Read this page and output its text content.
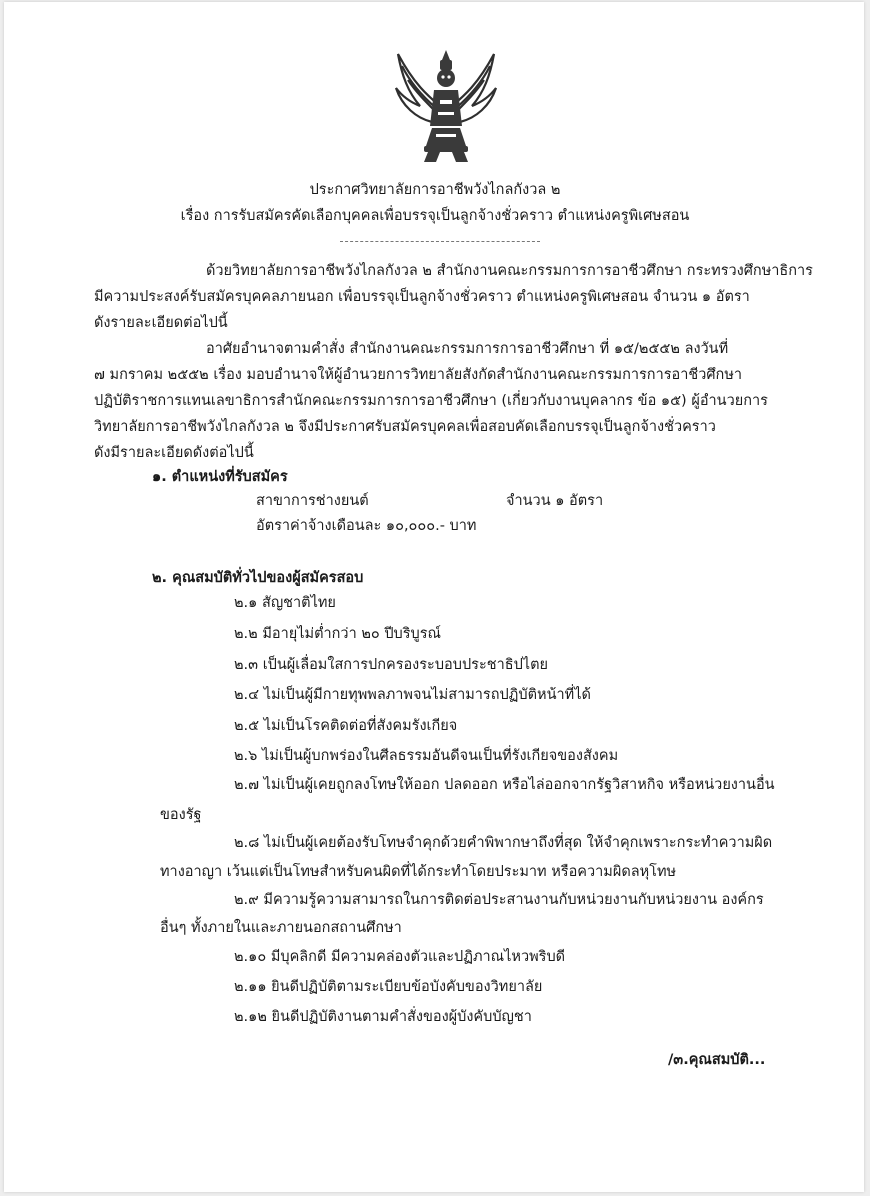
ประกาศวิทยาลัยการอาชีพวังไกลกังวล ๒
เรื่อง การรับสมัครคัดเลือกบุคคลเพื่อบรรจุเป็นลูกจ้างชั่วคราว ตำแหน่งครูพิเศษสอน
ด้วยวิทยาลัยการอาชีพวังไกลกังวล ๒ สำนักงานคณะกรรมการการอาชีวศึกษา กระทรวงศึกษาธิการ
มีความประสงค์รับสมัครบุคคลภายนอก เพื่อบรรจุเป็นลูกจ้างชั่วคราว ตำแหน่งครูพิเศษสอน จำนวน ๑ อัตรา
ดังรายละเอียดต่อไปนี้
อาศัยอำนาจตามคำสั่ง สำนักงานคณะกรรมการการอาชีวศึกษา ที่ ๑๕/๒๕๕๒ ลงวันที่
๗ มกราคม ๒๕๕๒ เรื่อง มอบอำนาจให้ผู้อำนวยการวิทยาลัยสังกัดสำนักงานคณะกรรมการการอาชีวศึกษา
ปฏิบัติราชการแทนเลขาธิการสำนักคณะกรรมการการอาชีวศึกษา (เกี่ยวกับงานบุคลากร ข้อ ๑๕) ผู้อำนวยการ
วิทยาลัยการอาชีพวังไกลกังวล ๒ จึงมีประกาศรับสมัครบุคคลเพื่อสอบคัดเลือกบรรจุเป็นลูกจ้างชั่วคราว
ดังมีรายละเอียดดังต่อไปนี้
๑. ตำแหน่งที่รับสมัคร
สาขาการช่างยนต์	จำนวน ๑ อัตรา
อัตราค่าจ้างเดือนละ ๑๐,๐๐๐.- บาท
๒. คุณสมบัติทั่วไปของผู้สมัครสอบ
๒.๑ สัญชาติไทย
๒.๒ มีอายุไม่ต่ำกว่า ๒๐ ปีบริบูรณ์
๒.๓ เป็นผู้เลื่อมใสการปกครองระบอบประชาธิปไตย
๒.๔ ไม่เป็นผู้มีกายทุพพลภาพจนไม่สามารถปฏิบัติหน้าที่ได้
๒.๕ ไม่เป็นโรคติดต่อที่สังคมรังเกียจ
๒.๖ ไม่เป็นผู้บกพร่องในศีลธรรมอันดีจนเป็นที่รังเกียจของสังคม
๒.๗ ไม่เป็นผู้เคยถูกลงโทษให้ออก ปลดออก หรือไล่ออกจากรัฐวิสาหกิจ หรือหน่วยงานอื่น
ของรัฐ
๒.๘ ไม่เป็นผู้เคยต้องรับโทษจำคุกด้วยคำพิพากษาถึงที่สุด ให้จำคุกเพราะกระทำความผิด
ทางอาญา เว้นแต่เป็นโทษสำหรับคนผิดที่ได้กระทำโดยประมาท หรือความผิดลหุโทษ
๒.๙ มีความรู้ความสามารถในการติดต่อประสานงานกับหน่วยงานกับหน่วยงาน องค์กร
อื่นๆ ทั้งภายในและภายนอกสถานศึกษา
๒.๑๐ มีบุคลิกดี มีความคล่องตัวและปฏิภาณไหวพริบดี
๒.๑๑ ยินดีปฏิบัติตามระเบียบข้อบังคับของวิทยาลัย
๒.๑๒ ยินดีปฏิบัติงานตามคำสั่งของผู้บังคับบัญชา
/๓.คุณสมบัติ...
